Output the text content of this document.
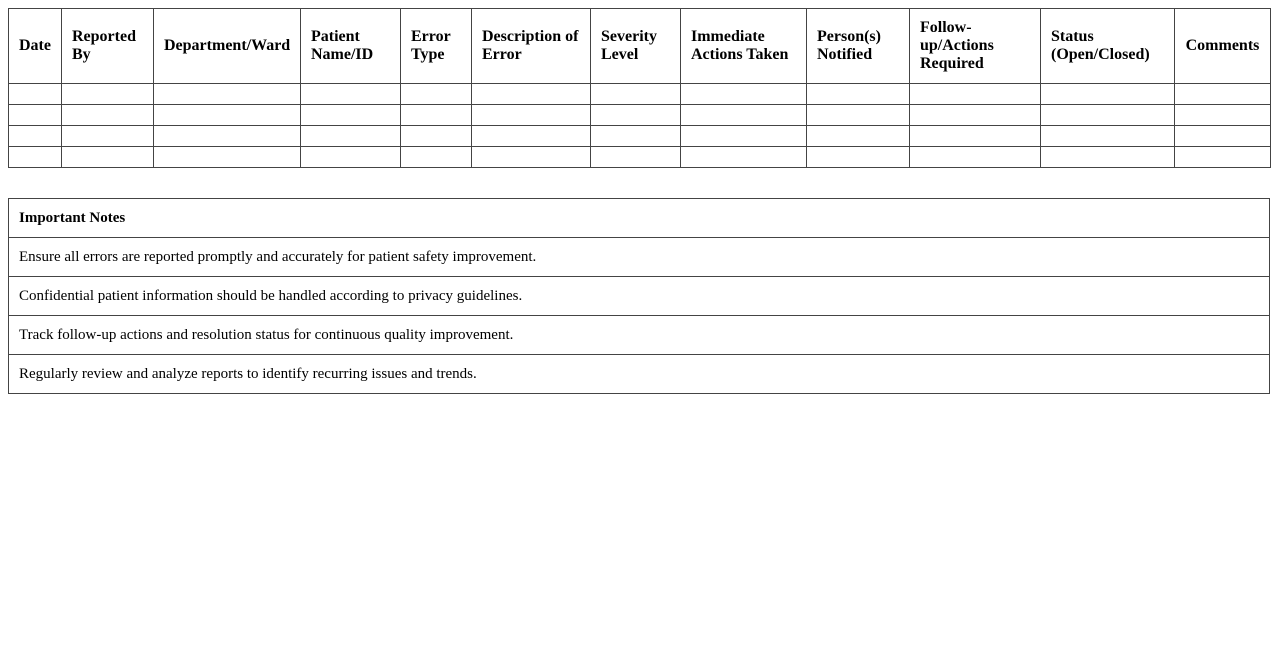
Date	Reported By	Department/Ward	Patient Name/ID	Error Type	Description of Error	Severity Level	Immediate Actions Taken	Person(s) Notified	Follow-up/Actions Required	Status (Open/Closed)	Comments

Important Notes
Ensure all errors are reported promptly and accurately for patient safety improvement.
Confidential patient information should be handled according to privacy guidelines.
Track follow-up actions and resolution status for continuous quality improvement.
Regularly review and analyze reports to identify recurring issues and trends.
